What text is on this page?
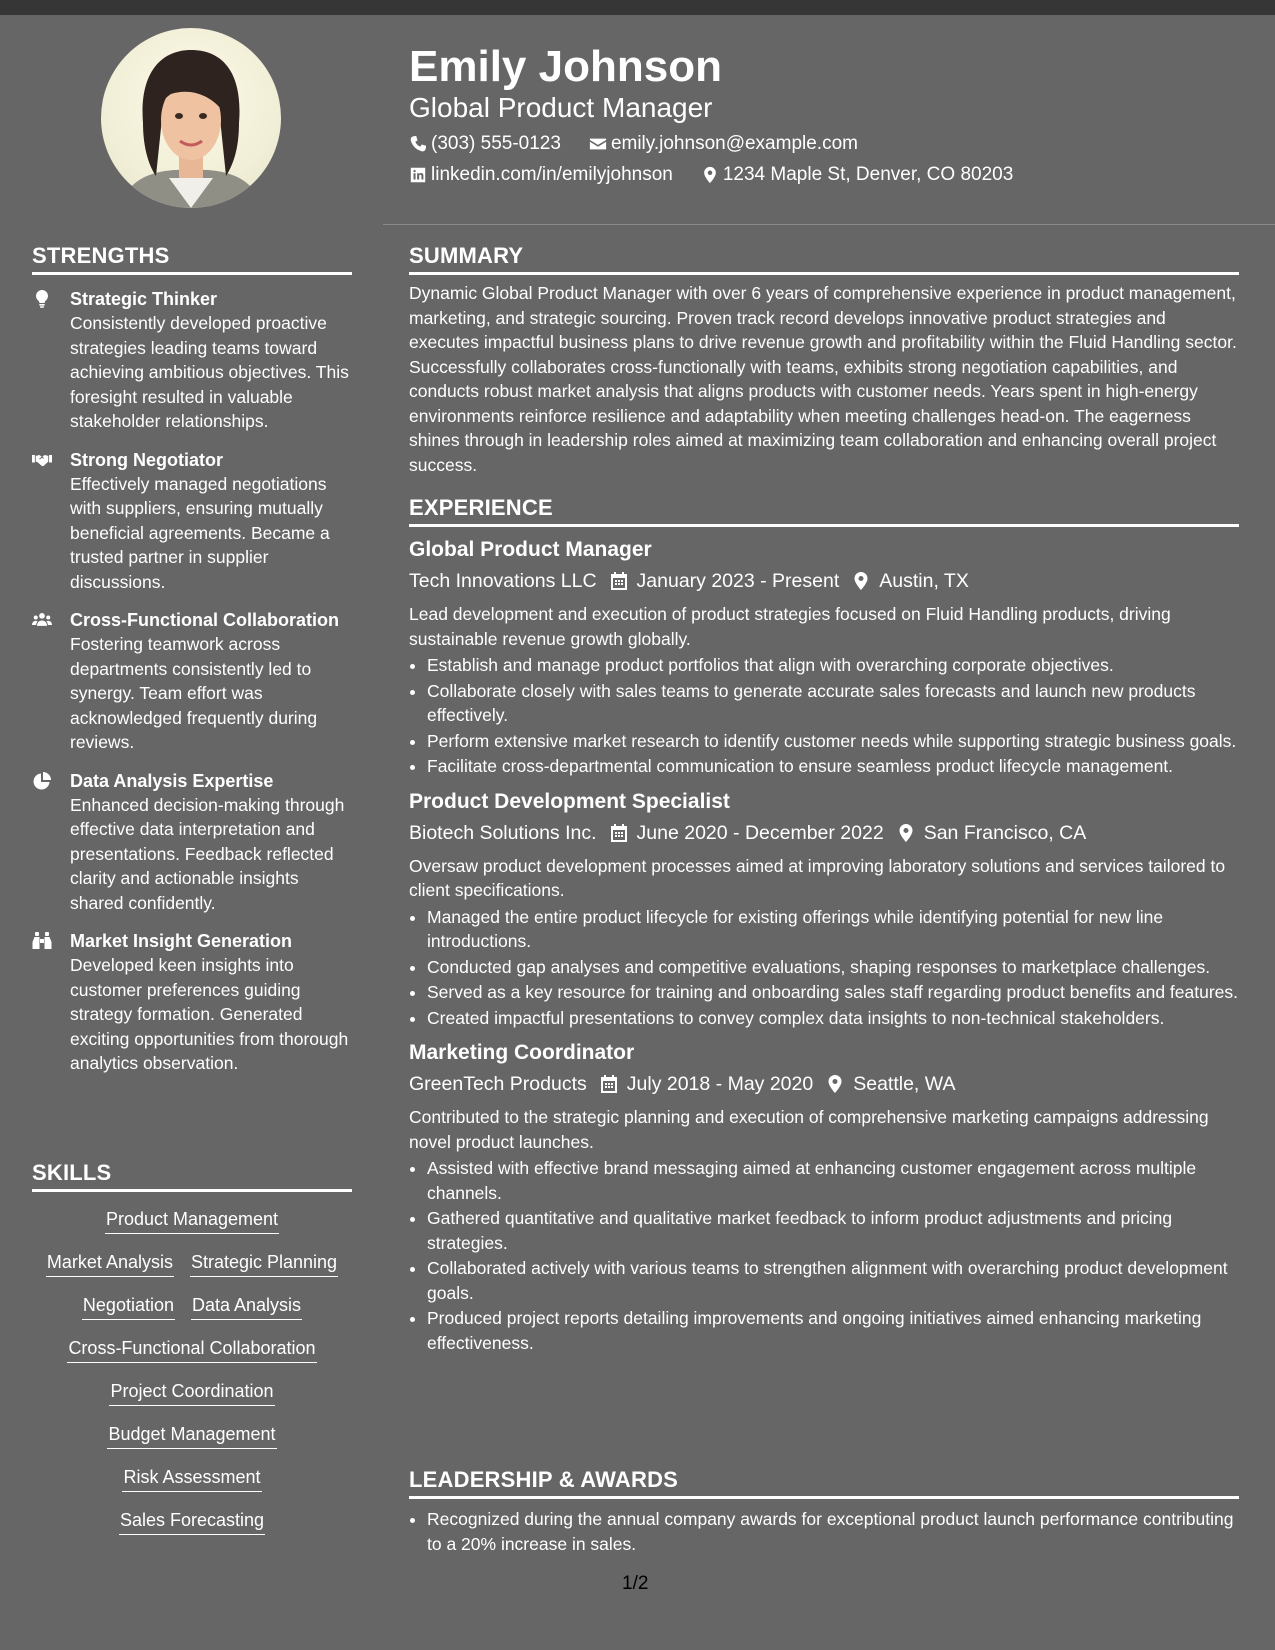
STRENGTHS
Strategic Thinker
Consistently developed proactive strategies leading teams toward achieving ambitious objectives. This foresight resulted in valuable stakeholder relationships.
Strong Negotiator
Effectively managed negotiations with suppliers, ensuring mutually beneficial agreements. Became a trusted partner in supplier discussions.
Cross-Functional Collaboration
Fostering teamwork across departments consistently led to synergy. Team effort was acknowledged frequently during reviews.
Data Analysis Expertise
Enhanced decision-making through effective data interpretation and presentations. Feedback reflected clarity and actionable insights shared confidently.
Market Insight Generation
Developed keen insights into customer preferences guiding strategy formation. Generated exciting opportunities from thorough analytics observation.
SKILLS
Product Management
Market Analysis Strategic Planning
Negotiation Data Analysis
Cross-Functional Collaboration
Project Coordination
Budget Management
Risk Assessment
Sales Forecasting
Emily Johnson
Global Product Manager
(303) 555-0123	emily.johnson@example.com
linkedin.com/in/emilyjohnson	1234 Maple St, Denver, CO 80203
SUMMARY
Dynamic Global Product Manager with over 6 years of comprehensive experience in product management, marketing, and strategic sourcing. Proven track record develops innovative product strategies and executes impactful business plans to drive revenue growth and profitability within the Fluid Handling sector. Successfully collaborates cross-functionally with teams, exhibits strong negotiation capabilities, and conducts robust market analysis that aligns products with customer needs. Years spent in high-energy environments reinforce resilience and adaptability when meeting challenges head-on. The eagerness shines through in leadership roles aimed at maximizing team collaboration and enhancing overall project success.
EXPERIENCE
Global Product Manager
Tech Innovations LLC January 2023 - Present Austin, TX
Lead development and execution of product strategies focused on Fluid Handling products, driving sustainable revenue growth globally.
• Establish and manage product portfolios that align with overarching corporate objectives.
• Collaborate closely with sales teams to generate accurate sales forecasts and launch new products effectively.
• Perform extensive market research to identify customer needs while supporting strategic business goals.
• Facilitate cross-departmental communication to ensure seamless product lifecycle management.
Product Development Specialist
Biotech Solutions Inc. June 2020 - December 2022 San Francisco, CA
Oversaw product development processes aimed at improving laboratory solutions and services tailored to client specifications.
• Managed the entire product lifecycle for existing offerings while identifying potential for new line introductions.
• Conducted gap analyses and competitive evaluations, shaping responses to marketplace challenges.
• Served as a key resource for training and onboarding sales staff regarding product benefits and features.
• Created impactful presentations to convey complex data insights to non-technical stakeholders.
Marketing Coordinator
GreenTech Products July 2018 - May 2020 Seattle, WA
Contributed to the strategic planning and execution of comprehensive marketing campaigns addressing novel product launches.
• Assisted with effective brand messaging aimed at enhancing customer engagement across multiple channels.
• Gathered quantitative and qualitative market feedback to inform product adjustments and pricing strategies.
• Collaborated actively with various teams to strengthen alignment with overarching product development goals.
• Produced project reports detailing improvements and ongoing initiatives aimed enhancing marketing effectiveness.
LEADERSHIP & AWARDS
• Recognized during the annual company awards for exceptional product launch performance contributing to a 20% increase in sales.
1/2
